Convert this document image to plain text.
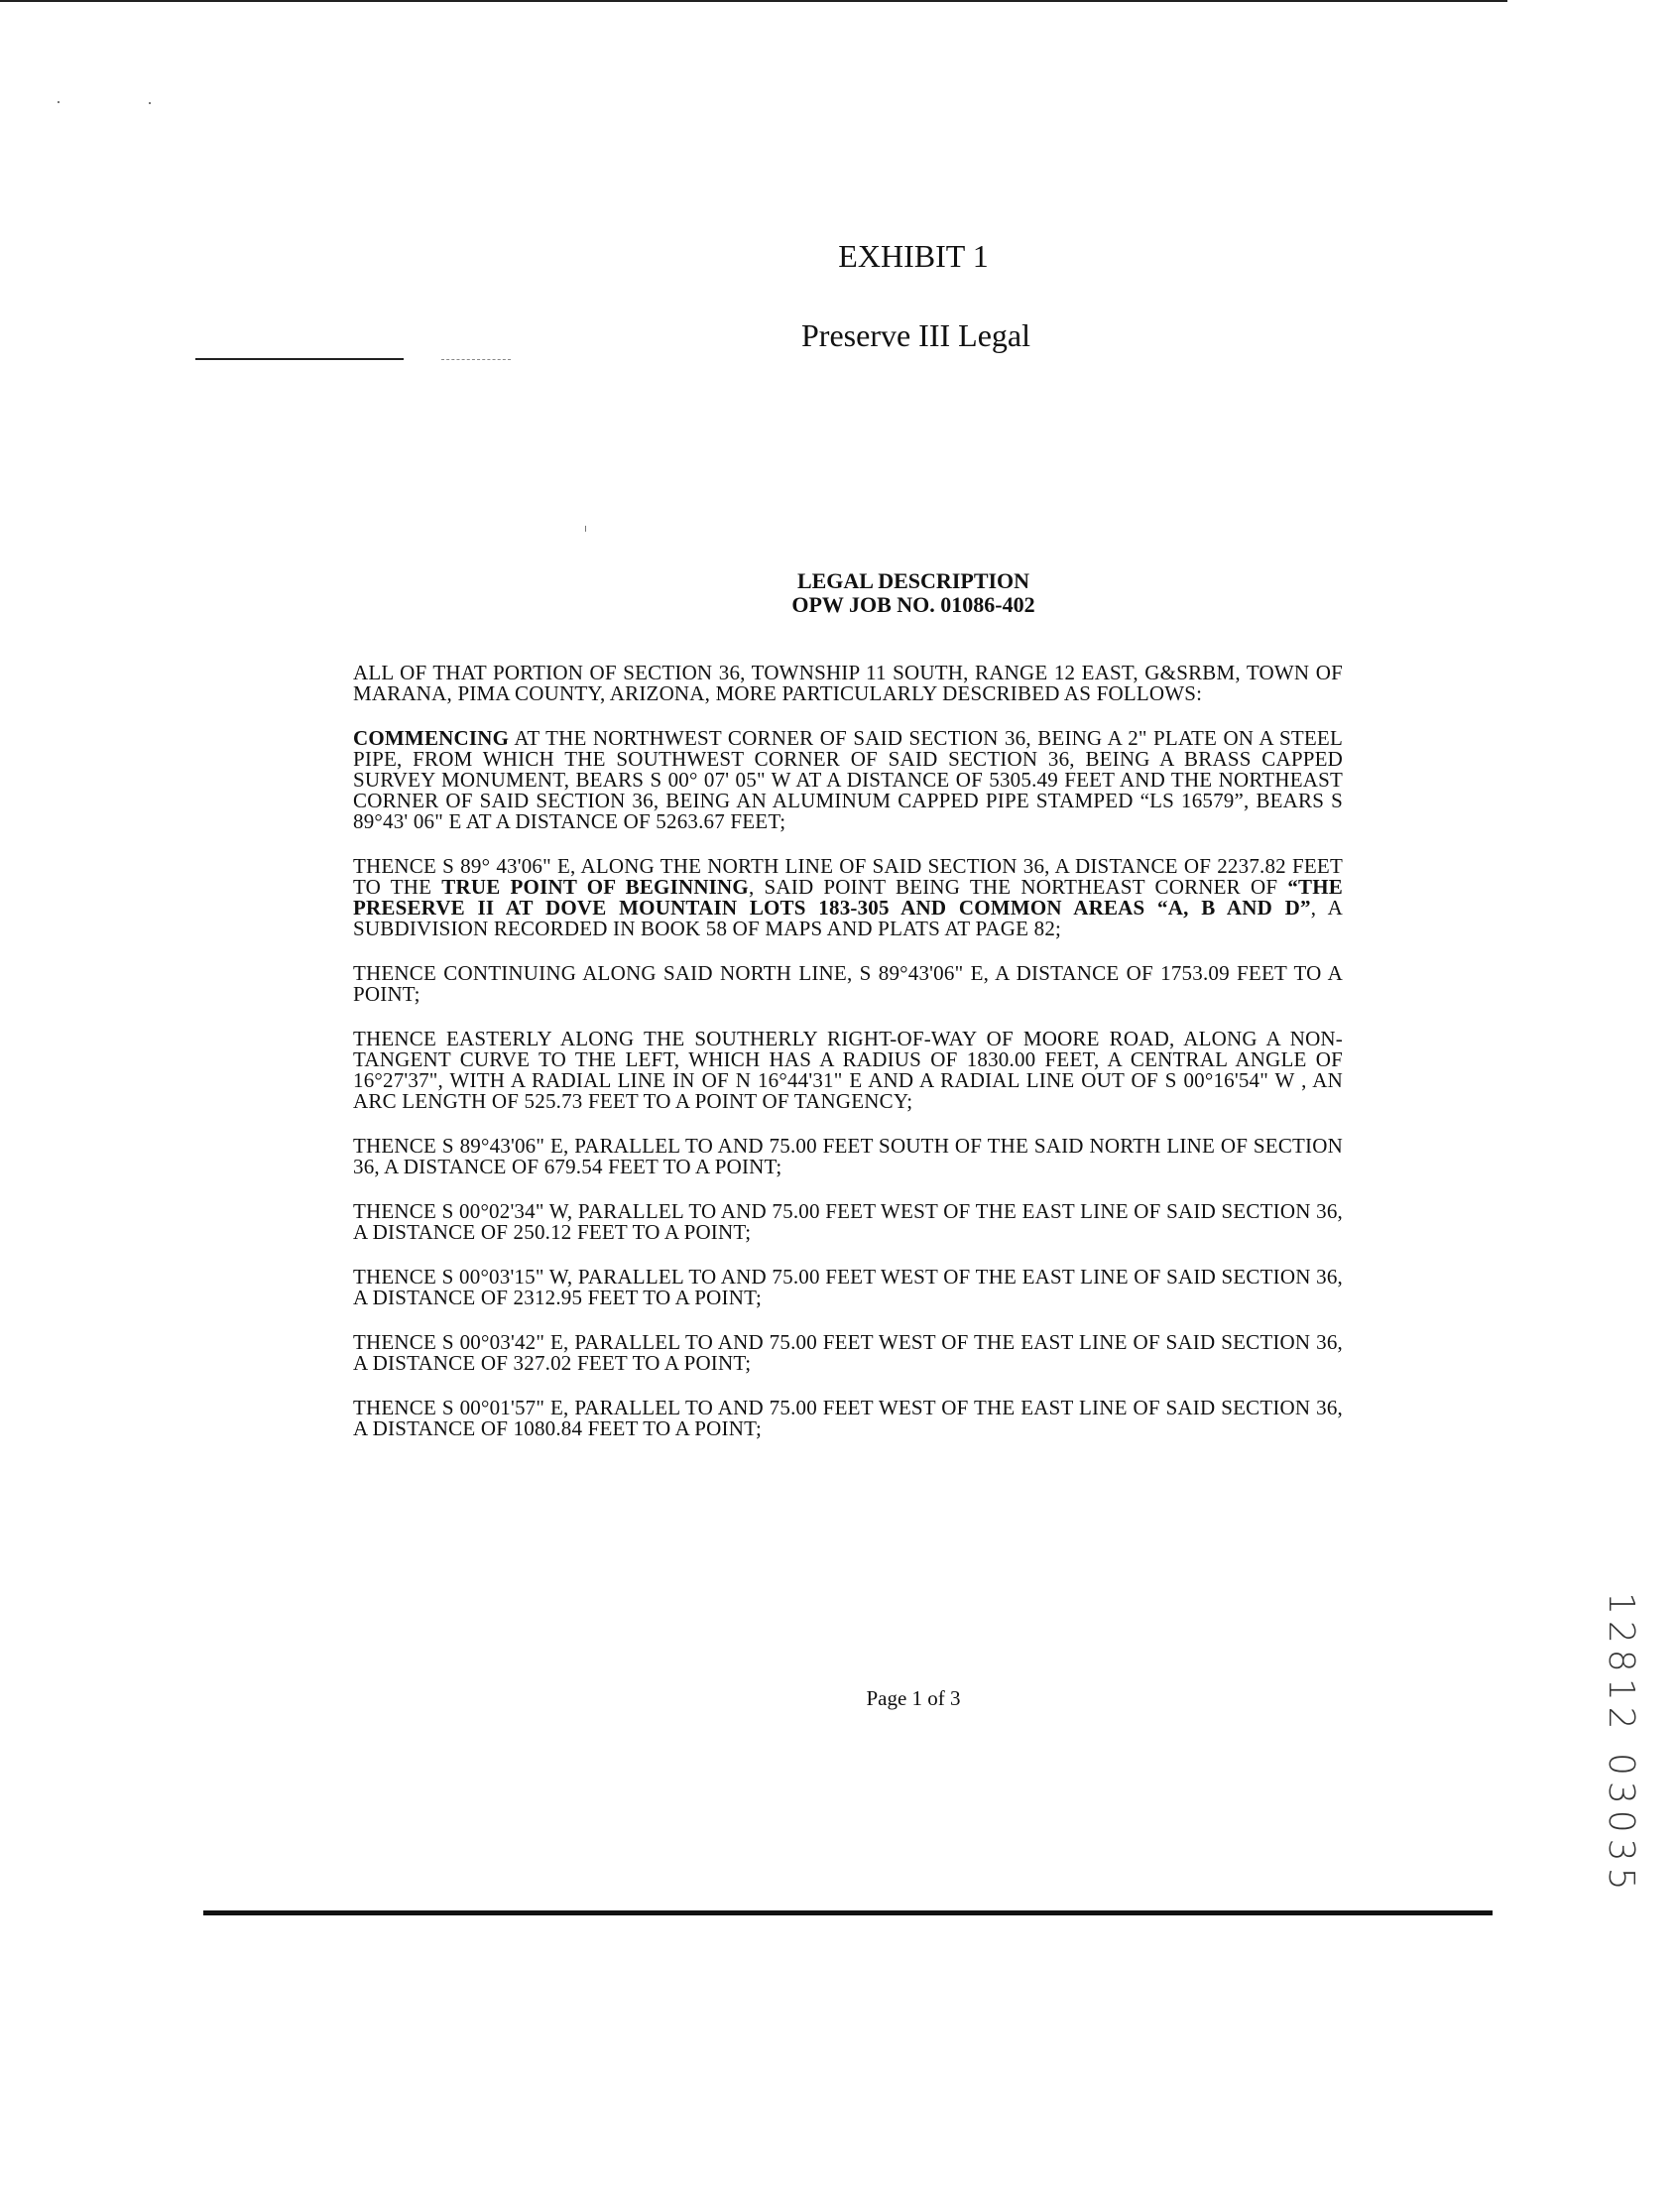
EXHIBIT 1
Preserve III Legal
LEGAL DESCRIPTION
OPW JOB NO. 01086-402

ALL OF THAT PORTION OF SECTION 36, TOWNSHIP 11 SOUTH, RANGE 12 EAST, G&SRBM, TOWN OF MARANA, PIMA COUNTY, ARIZONA, MORE PARTICULARLY DESCRIBED AS FOLLOWS:

COMMENCING AT THE NORTHWEST CORNER OF SAID SECTION 36, BEING A 2" PLATE ON A STEEL PIPE, FROM WHICH THE SOUTHWEST CORNER OF SAID SECTION 36, BEING A BRASS CAPPED SURVEY MONUMENT, BEARS S 00° 07' 05" W AT A DISTANCE OF 5305.49 FEET AND THE NORTHEAST CORNER OF SAID SECTION 36, BEING AN ALUMINUM CAPPED PIPE STAMPED “LS 16579”, BEARS S 89°43' 06" E AT A DISTANCE OF 5263.67 FEET;

THENCE S 89° 43'06" E, ALONG THE NORTH LINE OF SAID SECTION 36, A DISTANCE OF 2237.82 FEET TO THE TRUE POINT OF BEGINNING, SAID POINT BEING THE NORTHEAST CORNER OF “THE PRESERVE II AT DOVE MOUNTAIN LOTS 183-305 AND COMMON AREAS “A, B AND D”, A SUBDIVISION RECORDED IN BOOK 58 OF MAPS AND PLATS AT PAGE 82;

THENCE CONTINUING ALONG SAID NORTH LINE, S 89°43'06" E, A DISTANCE OF 1753.09 FEET TO A POINT;

THENCE EASTERLY ALONG THE SOUTHERLY RIGHT-OF-WAY OF MOORE ROAD, ALONG A NON-TANGENT CURVE TO THE LEFT, WHICH HAS A RADIUS OF 1830.00 FEET, A CENTRAL ANGLE OF 16°27'37", WITH A RADIAL LINE IN OF N 16°44'31" E AND A RADIAL LINE OUT OF S 00°16'54" W , AN ARC LENGTH OF 525.73 FEET TO A POINT OF TANGENCY;

THENCE S 89°43'06" E, PARALLEL TO AND 75.00 FEET SOUTH OF THE SAID NORTH LINE OF SECTION 36, A DISTANCE OF 679.54 FEET TO A POINT;

THENCE S 00°02'34" W, PARALLEL TO AND 75.00 FEET WEST OF THE EAST LINE OF SAID SECTION 36, A DISTANCE OF 250.12 FEET TO A POINT;

THENCE S 00°03'15" W, PARALLEL TO AND 75.00 FEET WEST OF THE EAST LINE OF SAID SECTION 36, A DISTANCE OF 2312.95 FEET TO A POINT;

THENCE S 00°03'42" E, PARALLEL TO AND 75.00 FEET WEST OF THE EAST LINE OF SAID SECTION 36, A DISTANCE OF 327.02 FEET TO A POINT;

THENCE S 00°01'57" E, PARALLEL TO AND 75.00 FEET WEST OF THE EAST LINE OF SAID SECTION 36, A DISTANCE OF 1080.84 FEET TO A POINT;

Page 1 of 3	12812 03035
